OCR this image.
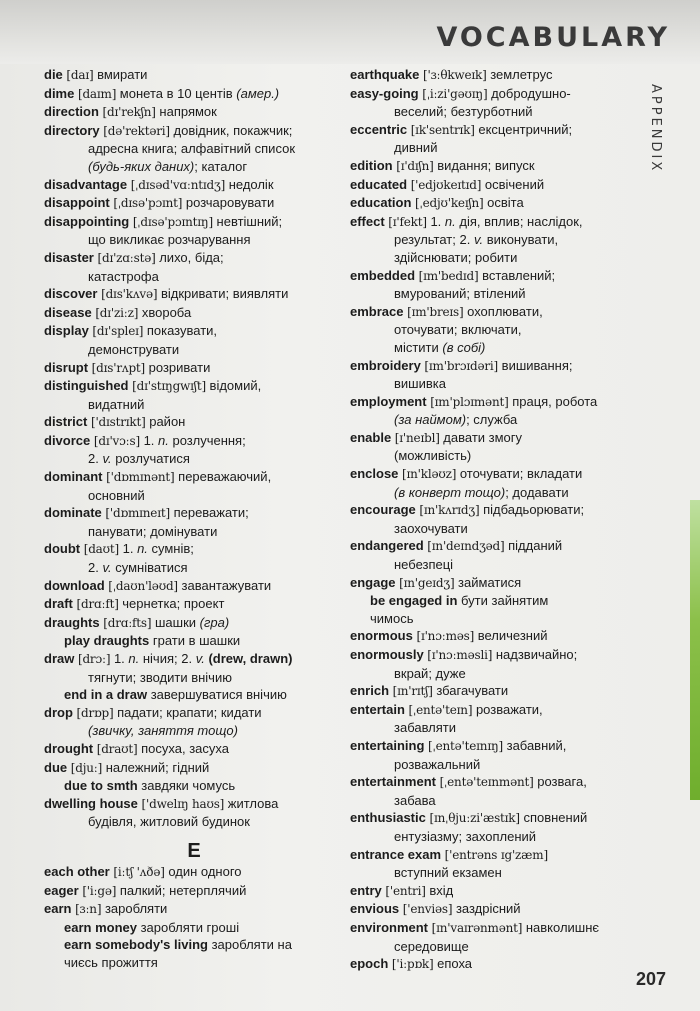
VOCABULARY
APPENDIX
die [daɪ] вмирати
dime [daɪm] монета в 10 центів (амер.)
direction [dɪ'rekʃn] напрямок
directory [də'rektəri] довідник, покажчик;
адресна книга; алфавітний список
(будь-яких даних); каталог
disadvantage [ˌdɪsəd'vɑːntɪdʒ] недолік
disappoint [ˌdɪsə'pɔɪnt] розчаровувати
disappointing [ˌdɪsə'pɔɪntɪŋ] невтішний;
що викликає розчарування
disaster [dɪ'zɑːstə] лихо, біда;
катастрофа
discover [dɪs'kʌvə] відкривати; виявляти
disease [dɪ'ziːz] хвороба
display [dɪ'spleɪ] показувати,
демонструвати
disrupt [dɪs'rʌpt] розривати
distinguished [dɪ'stɪŋgwɪʃt] відомий,
видатний
district ['dɪstrɪkt] район
divorce [dɪ'vɔːs] 1. n. розлучення;
2. v. розлучатися
dominant ['dɒmɪnənt] переважаючий,
основний
dominate ['dɒmɪneɪt] переважати;
панувати; домінувати
doubt [daʊt] 1. n. сумнів;
2. v. сумніватися
download [ˌdaʊn'ləʊd] завантажувати
draft [drɑːft] чернетка; проект
draughts [drɑːfts] шашки (гра)
play draughts грати в шашки
draw [drɔː] 1. n. нічия; 2. v. (drew, drawn)
тягнути; зводити внічию
end in a draw завершуватися внічию
drop [drɒp] падати; крапати; кидати
(звичку, заняття тощо)
drought [draʊt] посуха, засуха
due [djuː] належний; гідний
due to smth завдяки чомусь
dwelling house ['dwelɪŋ haʊs] житлова
будівля, житловий будинок
E
each other [iːtʃ 'ʌðə] один одного
eager ['iːgə] палкий; нетерплячий
earn [ɜːn] заробляти
earn money заробляти гроші
earn somebody's living заробляти на
чиєсь прожиття
earthquake ['ɜːθkweɪk] землетрус
easy-going [ˌiːzi'gəʊɪŋ] добродушно-
веселий; безтурботний
eccentric [ɪk'sentrɪk] ексцентричний;
дивний
edition [ɪ'dɪʃn] видання; випуск
educated ['edjʊkeɪtɪd] освічений
education [ˌedjʊ'keɪʃn] освіта
effect [ɪ'fekt] 1. n. дія, вплив; наслідок,
результат; 2. v. виконувати,
здійснювати; робити
embedded [ɪm'bedɪd] вставлений;
вмурований; втілений
embrace [ɪm'breɪs] охоплювати,
оточувати; включати,
містити (в собі)
embroidery [ɪm'brɔɪdəri] вишивання;
вишивка
employment [ɪm'plɔɪmənt] праця, робота
(за наймом); служба
enable [ɪ'neɪbl] давати змогу
(можливість)
enclose [ɪn'kləʊz] оточувати; вкладати
(в конверт тощо); додавати
encourage [ɪn'kʌrɪdʒ] підбадьорювати;
заохочувати
endangered [ɪn'deɪndʒəd] підданий
небезпеці
engage [ɪn'geɪdʒ] займатися
be engaged in бути зайнятим
чимось
enormous [ɪ'nɔːməs] величезний
enormously [ɪ'nɔːməsli] надзвичайно;
вкрай; дуже
enrich [ɪn'rɪtʃ] збагачувати
entertain [ˌentə'teɪn] розважати,
забавляти
entertaining [ˌentə'teɪnɪŋ] забавний,
розважальний
entertainment [ˌentə'teɪnmənt] розвага,
забава
enthusiastic [ɪnˌθjuːzi'æstɪk] сповнений
ентузіазму; захоплений
entrance exam ['entrəns ɪg'zæm]
вступний екзамен
entry ['entri] вхід
envious ['enviəs] заздрісний
environment [ɪn'vaɪrənmənt] навколишнє
середовище
epoch ['iːpɒk] епоха
207
